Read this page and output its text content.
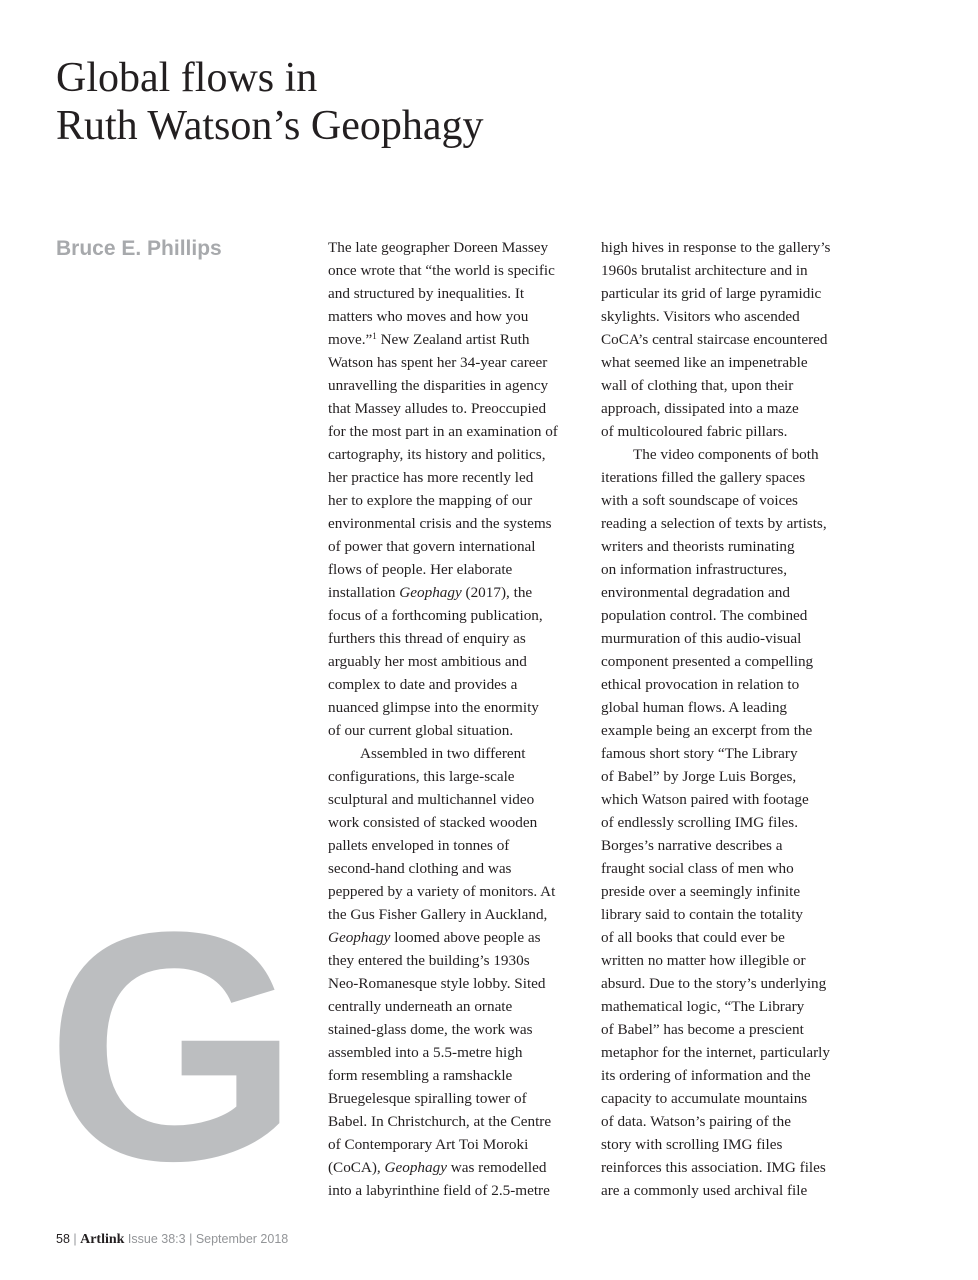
Global flows in
Ruth Watson’s Geophagy
Bruce E. Phillips
G
The late geographer Doreen Massey
once wrote that “the world is specific
and structured by inequalities. It
matters who moves and how you
move.”$^1$ New Zealand artist Ruth
Watson has spent her 34-year career
unravelling the disparities in agency
that Massey alludes to. Preoccupied
for the most part in an examination of
cartography, its history and politics,
her practice has more recently led
her to explore the mapping of our
environmental crisis and the systems
of power that govern international
flows of people. Her elaborate
installation Geophagy (2017), the
focus of a forthcoming publication,
furthers this thread of enquiry as
arguably her most ambitious and
complex to date and provides a
nuanced glimpse into the enormity
of our current global situation.
Assembled in two different
configurations, this large-scale
sculptural and multichannel video
work consisted of stacked wooden
pallets enveloped in tonnes of
second-hand clothing and was
peppered by a variety of monitors. At
the Gus Fisher Gallery in Auckland,
Geophagy loomed above people as
they entered the building’s 1930s
Neo-Romanesque style lobby. Sited
centrally underneath an ornate
stained-glass dome, the work was
assembled into a 5.5-metre high
form resembling a ramshackle
Bruegelesque spiralling tower of
Babel. In Christchurch, at the Centre
of Contemporary Art Toi Moroki
(CoCA), Geophagy was remodelled
into a labyrinthine field of 2.5-metre
high hives in response to the gallery’s
1960s brutalist architecture and in
particular its grid of large pyramidic
skylights. Visitors who ascended
CoCA’s central staircase encountered
what seemed like an impenetrable
wall of clothing that, upon their
approach, dissipated into a maze
of multicoloured fabric pillars.
The video components of both
iterations filled the gallery spaces
with a soft soundscape of voices
reading a selection of texts by artists,
writers and theorists ruminating
on information infrastructures,
environmental degradation and
population control. The combined
murmuration of this audio-visual
component presented a compelling
ethical provocation in relation to
global human flows. A leading
example being an excerpt from the
famous short story “The Library
of Babel” by Jorge Luis Borges,
which Watson paired with footage
of endlessly scrolling IMG files.
Borges’s narrative describes a
fraught social class of men who
preside over a seemingly infinite
library said to contain the totality
of all books that could ever be
written no matter how illegible or
absurd. Due to the story’s underlying
mathematical logic, “The Library
of Babel” has become a prescient
metaphor for the internet, particularly
its ordering of information and the
capacity to accumulate mountains
of data. Watson’s pairing of the
story with scrolling IMG files
reinforces this association. IMG files
are a commonly used archival file
58 | Artlink Issue 38:3 | September 2018
